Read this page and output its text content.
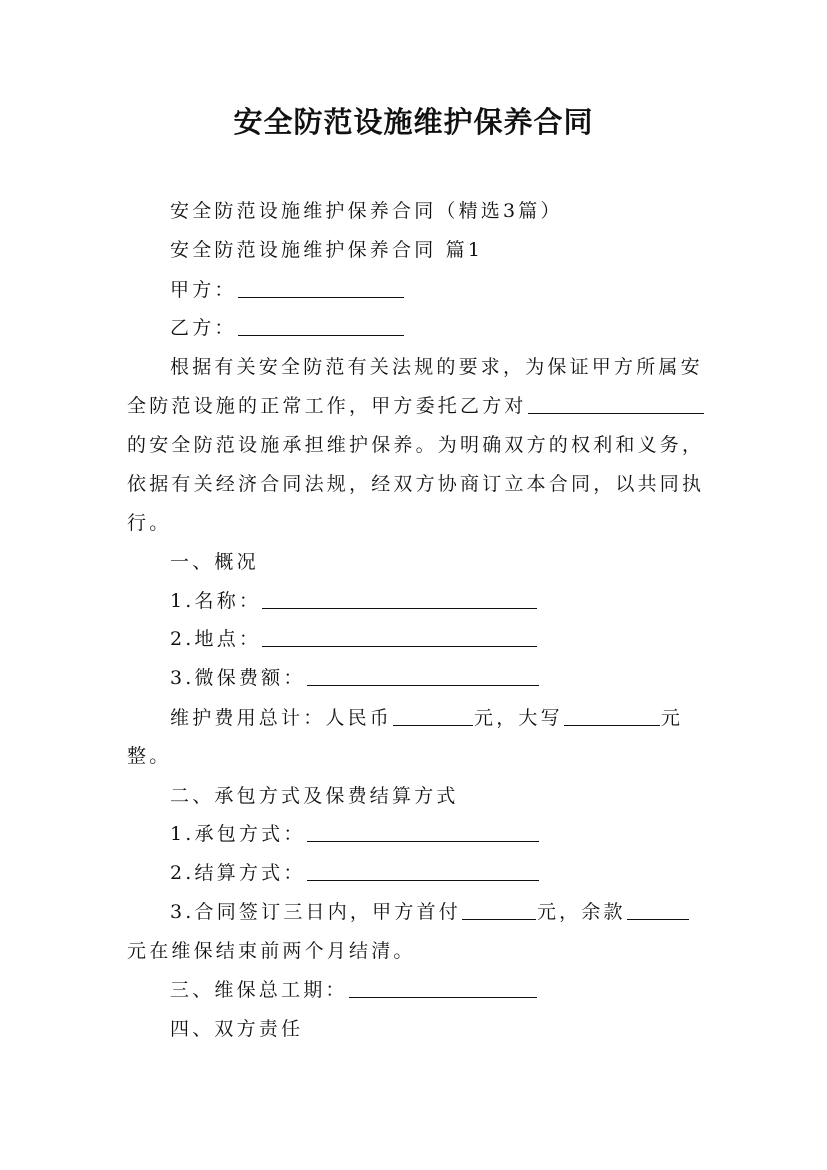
安全防范设施维护保养合同
安全防范设施维护保养合同（精选3篇）
安全防范设施维护保养合同 篇1
甲方：
乙方：
根据有关安全防范有关法规的要求，为保证甲方所属安
全防范设施的正常工作，甲方委托乙方对
的安全防范设施承担维护保养。为明确双方的权利和义务，
依据有关经济合同法规，经双方协商订立本合同，以共同执
行。
一、概况
1.名称：
2.地点：
3.微保费额：
维护费用总计：人民币	元，大写	元
整。
二、承包方式及保费结算方式
1.承包方式：
2.结算方式：
3.合同签订三日内，甲方首付	元，余款
元在维保结束前两个月结清。
三、维保总工期：
四、双方责任
